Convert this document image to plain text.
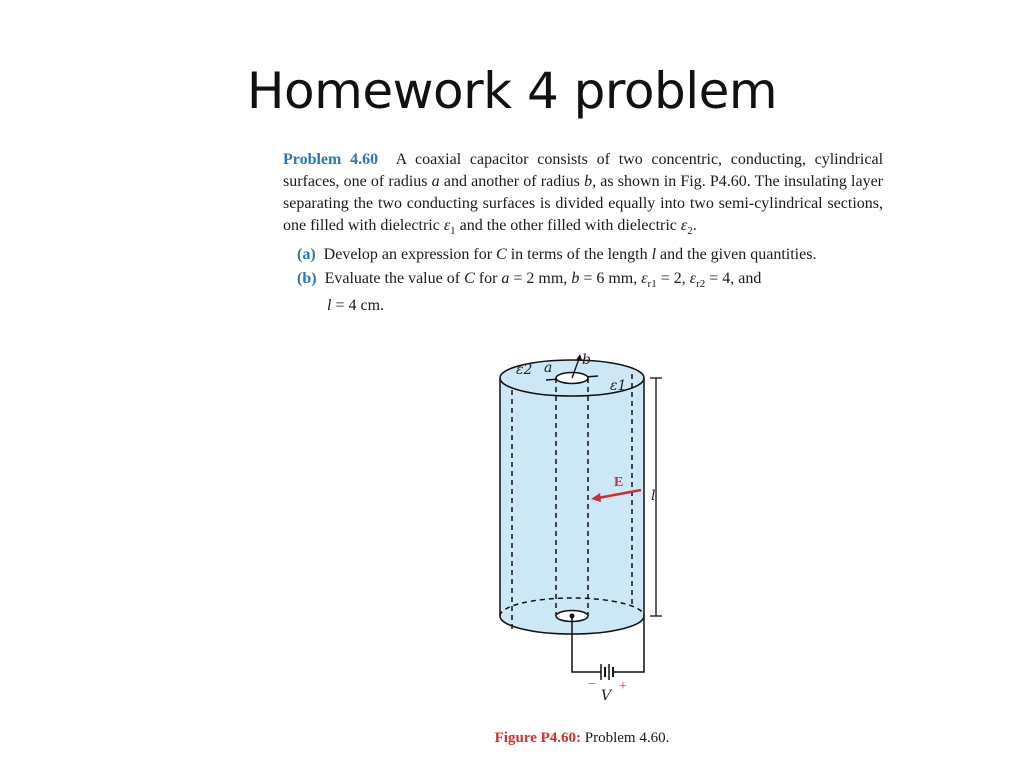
Homework 4 problem

Problem 4.60 A coaxial capacitor consists of two concentric, conducting, cylindrical surfaces, one of radius a and another of radius b, as shown in Fig. P4.60. The insulating layer separating the two conducting surfaces is divided equally into two semi-cylindrical sections, one filled with dielectric $\varepsilon_1$ and the other filled with dielectric $\varepsilon_2$.

(a) Develop an expression for C in terms of the length l and the given quantities.
(b) Evaluate the value of C for a = 2 mm, b = 6 mm, $\varepsilon_{r1} = 2$, $\varepsilon_{r2} = 4$, and
l = 4 cm.
ε2 a b
ε1
E
l
− +
V
Figure P4.60: Problem 4.60.
